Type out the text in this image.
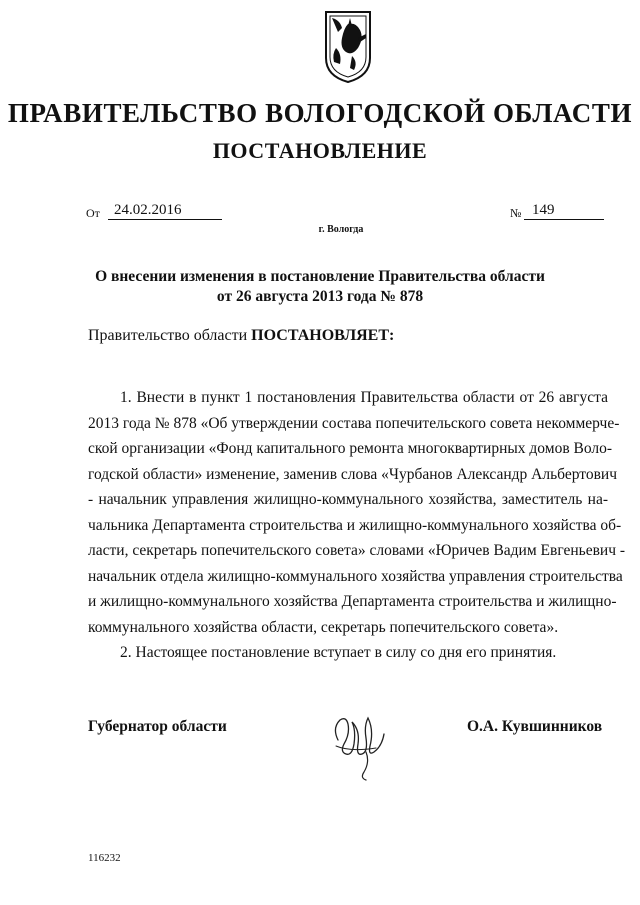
ПРАВИТЕЛЬСТВО ВОЛОГОДСКОЙ ОБЛАСТИ
ПОСТАНОВЛЕНИЕ
От 24.02.2016	№ 149
г. Вологда
О внесении изменения в постановление Правительства области
от 26 августа 2013 года № 878
Правительство области ПОСТАНОВЛЯЕТ:
1. Внести в пункт 1 постановления Правительства области от 26 августа
2013 года № 878 «Об утверждении состава попечительского совета некоммерче-
ской организации «Фонд капитального ремонта многоквартирных домов Воло-
годской области» изменение, заменив слова «Чурбанов Александр Альбертович
- начальник управления жилищно-коммунального хозяйства, заместитель на-
чальника Департамента строительства и жилищно-коммунального хозяйства об-
ласти, секретарь попечительского совета» словами «Юричев Вадим Евгеньевич -
начальник отдела жилищно-коммунального хозяйства управления строительства
и жилищно-коммунального хозяйства Департамента строительства и жилищно-
коммунального хозяйства области, секретарь попечительского совета».
2. Настоящее постановление вступает в силу со дня его принятия.
Губернатор области	О.А. Кувшинников
116232
